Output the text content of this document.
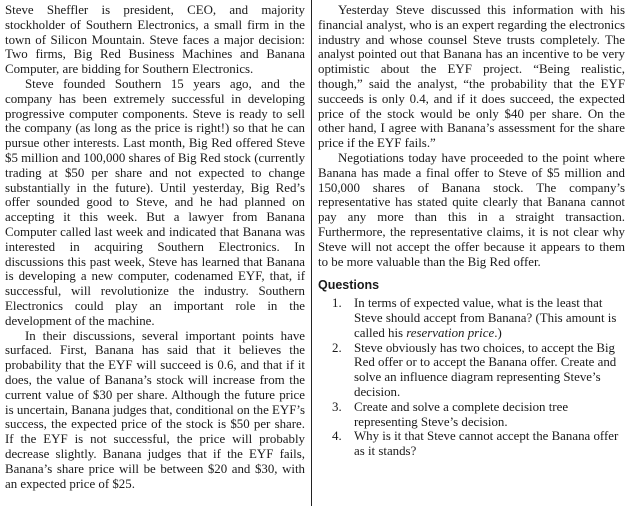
Steve Sheffler is president, CEO, and majority stockholder of Southern Electronics, a small firm in the town of Silicon Mountain. Steve faces a major decision: Two firms, Big Red Business Machines and Banana Computer, are bidding for Southern Electronics.

Steve founded Southern 15 years ago, and the company has been extremely successful in developing progressive computer components. Steve is ready to sell the company (as long as the price is right!) so that he can pursue other interests. Last month, Big Red offered Steve $5 million and 100,000 shares of Big Red stock (currently trading at $50 per share and not expected to change substantially in the future). Until yesterday, Big Red’s offer sounded good to Steve, and he had planned on accepting it this week. But a lawyer from Banana Computer called last week and indicated that Banana was interested in acquiring Southern Electronics. In discussions this past week, Steve has learned that Banana is developing a new computer, codenamed EYF, that, if successful, will revolutionize the industry. Southern Electronics could play an important role in the development of the machine.

In their discussions, several important points have surfaced. First, Banana has said that it believes the probability that the EYF will succeed is 0.6, and that if it does, the value of Banana’s stock will increase from the current value of $30 per share. Although the future price is uncertain, Banana judges that, conditional on the EYF’s success, the expected price of the stock is $50 per share. If the EYF is not successful, the price will probably decrease slightly. Banana judges that if the EYF fails, Banana’s share price will be between $20 and $30, with an expected price of $25.

Yesterday Steve discussed this information with his financial analyst, who is an expert regarding the electronics industry and whose counsel Steve trusts completely. The analyst pointed out that Banana has an incentive to be very optimistic about the EYF project. “Being realistic, though,” said the analyst, “the probability that the EYF succeeds is only 0.4, and if it does succeed, the expected price of the stock would be only $40 per share. On the other hand, I agree with Banana’s assessment for the share price if the EYF fails.”

Negotiations today have proceeded to the point where Banana has made a final offer to Steve of $5 million and 150,000 shares of Banana stock. The company’s representative has stated quite clearly that Banana cannot pay any more than this in a straight transaction. Furthermore, the representative claims, it is not clear why Steve will not accept the offer because it appears to them to be more valuable than the Big Red offer.

Questions
1. In terms of expected value, what is the least that Steve should accept from Banana? (This amount is called his reservation price.)
2. Steve obviously has two choices, to accept the Big Red offer or to accept the Banana offer. Create and solve an influence diagram representing Steve’s decision.
3. Create and solve a complete decision tree representing Steve’s decision.
4. Why is it that Steve cannot accept the Banana offer as it stands?
